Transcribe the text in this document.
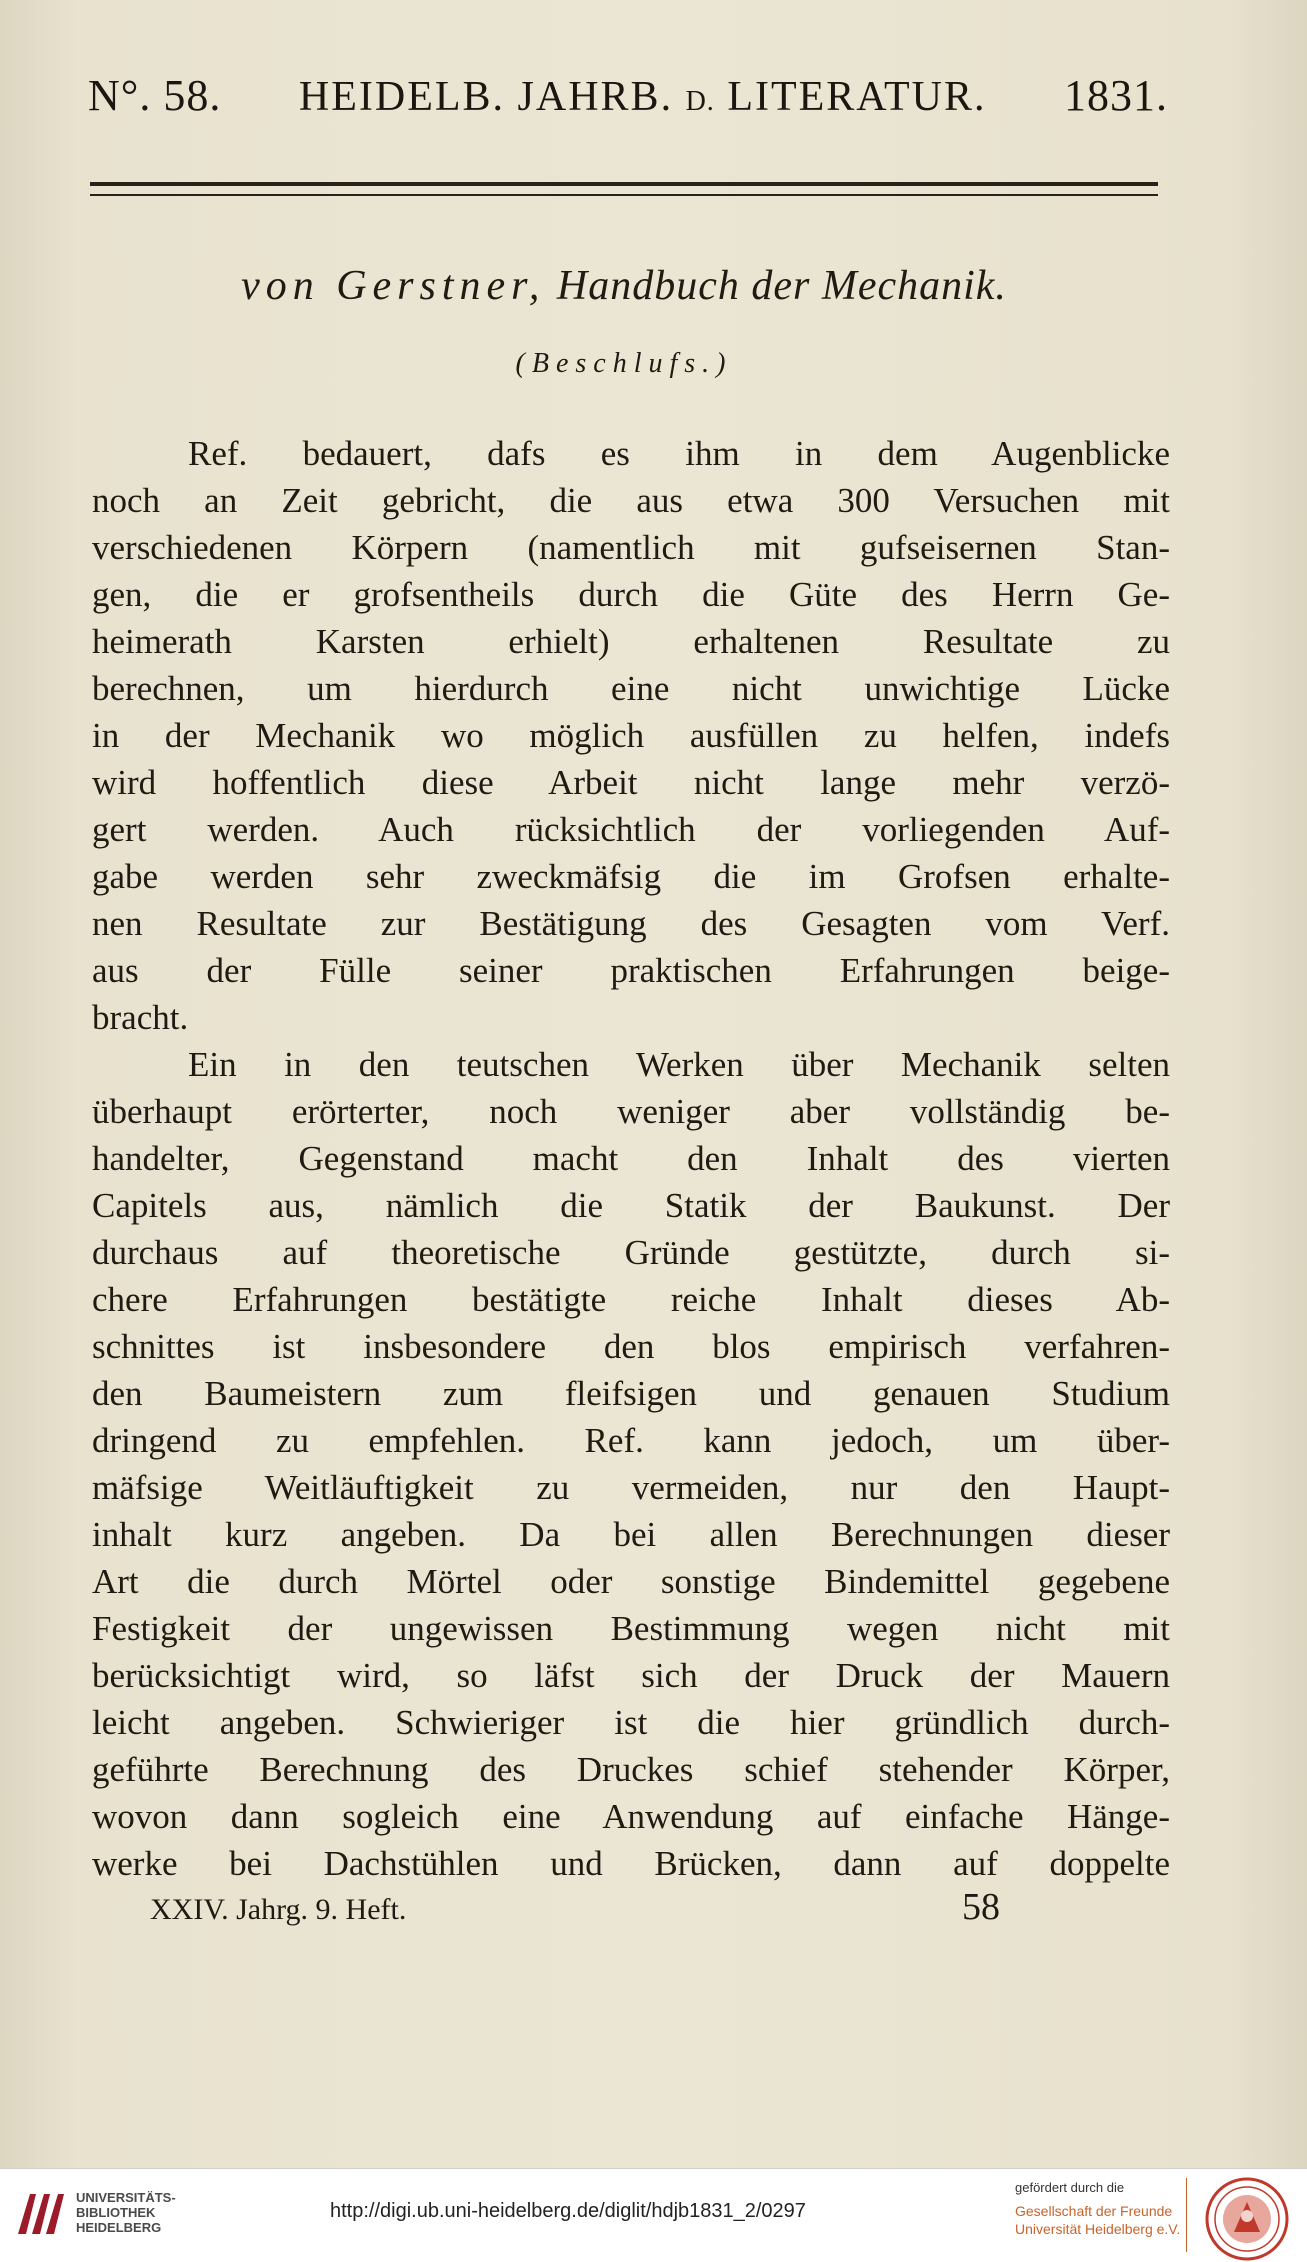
N°. 58. HEIDELB. JAHRB. D. LITERATUR. 1831.
von Gerstner, Handbuch der Mechanik.
(Beschlufs.)
Ref. bedauert, dafs es ihm in dem Augenblicke
noch an Zeit gebricht, die aus etwa 300 Versuchen mit
verschiedenen Körpern (namentlich mit gufseisernen Stan-
gen, die er grofsentheils durch die Güte des Herrn Ge-
heimerath Karsten erhielt) erhaltenen Resultate zu
berechnen, um hierdurch eine nicht unwichtige Lücke
in der Mechanik wo möglich ausfüllen zu helfen, indefs
wird hoffentlich diese Arbeit nicht lange mehr verzö-
gert werden. Auch rücksichtlich der vorliegenden Auf-
gabe werden sehr zweckmäfsig die im Grofsen erhalte-
nen Resultate zur Bestätigung des Gesagten vom Verf.
aus der Fülle seiner praktischen Erfahrungen beige-
bracht.
Ein in den teutschen Werken über Mechanik selten
überhaupt erörterter, noch weniger aber vollständig be-
handelter, Gegenstand macht den Inhalt des vierten
Capitels aus, nämlich die Statik der Baukunst. Der
durchaus auf theoretische Gründe gestützte, durch si-
chere Erfahrungen bestätigte reiche Inhalt dieses Ab-
schnittes ist insbesondere den blos empirisch verfahren-
den Baumeistern zum fleifsigen und genauen Studium
dringend zu empfehlen. Ref. kann jedoch, um über-
mäfsige Weitläuftigkeit zu vermeiden, nur den Haupt-
inhalt kurz angeben. Da bei allen Berechnungen dieser
Art die durch Mörtel oder sonstige Bindemittel gegebene
Festigkeit der ungewissen Bestimmung wegen nicht mit
berücksichtigt wird, so läfst sich der Druck der Mauern
leicht angeben. Schwieriger ist die hier gründlich durch-
geführte Berechnung des Druckes schief stehender Körper,
wovon dann sogleich eine Anwendung auf einfache Hänge-
werke bei Dachstühlen und Brücken, dann auf doppelte
XXIV. Jahrg. 9. Heft.	58
UNIVERSITÄTS-
BIBLIOTHEK
HEIDELBERG
http://digi.ub.uni-heidelberg.de/diglit/hdjb1831_2/0297
gefördert durch die
Gesellschaft der Freunde
Universität Heidelberg e.V.
